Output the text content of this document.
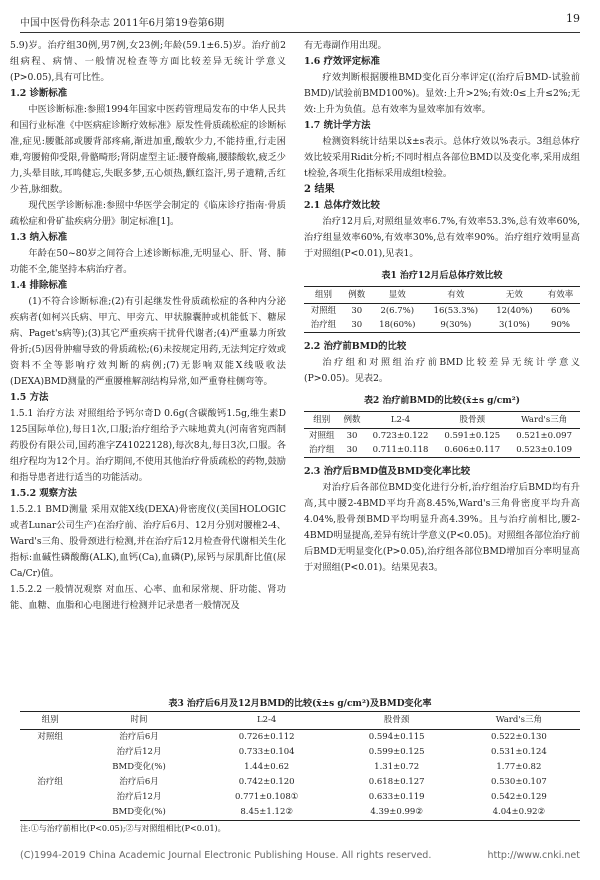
中国中医骨伤科杂志 2011年6月第19卷第6期	19

5.9)岁。治疗组30例,男7例,女23例;年龄(59.1±6.5)岁。治疗前2组病程、病情、一般情况检查等方面比较差异无统计学意义(P>0.05),具有可比性。

1.2 诊断标准

中医诊断标准:参照1994年国家中医药管理局发布的中华人民共和国行业标准《中医病症诊断疗效标准》原发性骨质疏松症的诊断标准,症见:腰骶部或腰背部疼痛,渐进加重,酸软少力,不能持重,行走困难,弯腰俯仰受限,骨骼畸形;肾阴虚型主证:腰脊酸痛,腰膝酸软,疲乏少力,头晕目眩,耳鸣健忘,失眠多梦,五心烦热,颧红盗汗,男子遗精,舌红少苔,脉细数。

现代医学诊断标准:参照中华医学会制定的《临床诊疗指南·骨质疏松症和骨矿盐疾病分册》制定标准[1]。

1.3 纳入标准

年龄在50~80岁之间符合上述诊断标准,无明显心、肝、肾、肺功能不全,能坚持本病治疗者。

1.4 排除标准

(1)不符合诊断标准;(2)有引起继发性骨质疏松症的各种内分泌疾病者(如柯兴氏病、甲亢、甲旁亢、甲状腺囊肿或机能低下、糖尿病、Paget's病等);(3)其它严重疾病干扰骨代谢者;(4)严重暴力所致骨折;(5)因骨肿瘤导致的骨质疏松;(6)未按规定用药,无法判定疗效或资料不全等影响疗效判断的病例;(7)无影响双能X线吸收法(DEXA)BMD测量的严重腰椎解剖结构异常,如严重脊柱侧弯等。

1.5 方法

1.5.1 治疗方法 对照组给予钙尔奇D 0.6g(含碳酸钙1.5g,维生素D 125国际单位),每日1次,口服;治疗组给予六味地黄丸(河南省宛西制药股份有限公司,国药准字Z41022128),每次8丸,每日3次,口服。各组疗程均为12个月。治疗期间,不使用其他治疗骨质疏松的药物,鼓励和指导患者进行适当的功能活动。

1.5.2 观察方法

1.5.2.1 BMD测量 采用双能X线(DEXA)骨密度仪(美国HOLOGIC或者Lunar公司生产)在治疗前、治疗后6月、12月分别对腰椎2-4、Ward's三角、股骨颈进行检测,并在治疗后12月检查骨代谢相关生化指标:血碱性磷酸酶(ALK),血钙(Ca),血磷(P),尿钙与尿肌酐比值(尿Ca/Cr)值。

1.5.2.2 一般情况观察 对血压、心率、血和尿常规、肝功能、肾功能、血糖、血脂和心电图进行检测并记录患者一般情况及

有无毒副作用出现。

1.6 疗效评定标准

疗效判断根据腰椎BMD变化百分率评定((治疗后BMD-试验前BMD)/试验前BMD100%)。显效:上升>2%;有效:0≤上升≤2%;无效:上升为负值。总有效率为显效率加有效率。

1.7 统计学方法

检测资料统计结果以x̄±s表示。总体疗效以%表示。3组总体疗效比较采用Ridit分析;不同时相点各部位BMD以及变化率,采用成组t检验,各项生化指标采用成组t检验。

2 结果
2.1 总体疗效比较

治疗12月后,对照组显效率6.7%,有效率53.3%,总有效率60%,治疗组显效率60%,有效率30%,总有效率90%。治疗组疗效明显高于对照组(P<0.01),见表1。

表1 治疗12月后总体疗效比较
组别	例数	显效	有效	无效	有效率
对照组	30	2(6.7%)	16(53.3%)	12(40%)	60%
治疗组	30	18(60%)	9(30%)	3(10%)	90%
2.2 治疗前BMD的比较

治疗组和对照组治疗前BMD比较差异无统计学意义(P>0.05)。见表2。

表2 治疗前BMD的比较(x̄±s g/cm²)
组别	例数	L2-4	股骨颈	Ward's三角
对照组	30	0.723±0.122	0.591±0.125	0.521±0.097
治疗组	30	0.711±0.118	0.606±0.117	0.523±0.109
2.3 治疗后BMD值及BMD变化率比较

对治疗后各部位BMD变化进行分析,治疗组治疗后BMD均有升高,其中腰2-4BMD平均升高8.45%,Ward's三角骨密度平均升高4.04%,股骨颈BMD平均明显升高4.39%。且与治疗前相比,腰2-4BMD明显提高,差异有统计学意义(P<0.05)。对照组各部位治疗前后BMD无明显变化(P>0.05),治疗组各部位BMD增加百分率明显高于对照组(P<0.01)。结果见表3。

表3 治疗后6月及12月BMD的比较(x̄±s g/cm²)及BMD变化率
组别	时间	L2-4	股骨颈	Ward's三角
对照组	治疗后6月	0.726±0.112	0.594±0.115	0.522±0.130
	治疗后12月	0.733±0.104	0.599±0.125	0.531±0.124
	BMD变化(%)	1.44±0.62	1.31±0.72	1.77±0.82
治疗组	治疗后6月	0.742±0.120	0.618±0.127	0.530±0.107
	治疗后12月	0.771±0.108①	0.633±0.119	0.542±0.129
	BMD变化(%)	8.45±1.12②	4.39±0.99②	4.04±0.92②
注:①与治疗前相比(P<0.05);②与对照组相比(P<0.01)。
(C)1994-2019 China Academic Journal Electronic Publishing House. All rights reserved.	http://www.cnki.net
